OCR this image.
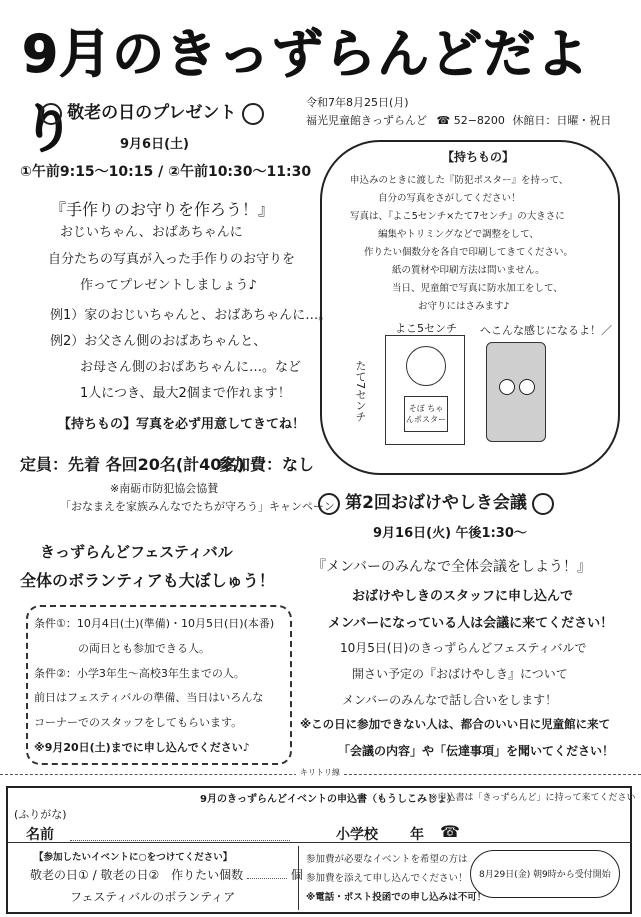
9月のきっずらんどだより	令和7年8月25日(月)
福光児童館きっずらんど ☎ 52−8200 休館日：日曜・祝日
敬老の日のプレゼント
9月6日(土)
①午前9:15〜10:15 / ②午前10:30〜11:30
『手作りのお守りを作ろう！』
おじいちゃん、おばあちゃんに
自分たちの写真が入った手作りのお守りを
作ってプレゼントしましょう♪
例1）家のおじいちゃんと、おばあちゃんに…。
例2）お父さん側のおばあちゃんと、
お母さん側のおばあちゃんに…。など
1人につき、最大2個まで作れます！
【持ちもの】写真を必ず用意してきてね！
定員：先着 各回20名(計40名)
参加費：なし
※南砺市防犯協会協賛
「おなまえを家族みんなでたちが守ろう」キャンペーン
【持ちもの】
申込みのときに渡した『防犯ポスター』を持って、
自分の写真をさがしてください！
写真は、『よこ5センチ×たて7センチ』の大きさに
編集やトリミングなどで調整をして、
作りたい個数分を各自で印刷してきてください。
紙の質材や印刷方法は問いません。
当日、児童館で写真に防水加工をして、
お守りにはさみます♪
よこ5センチ
そぼ ちゃんポスター
たて7センチ
へこんな感じになるよ！／
きっずらんどフェスティバル
全体のボランティアも大ぼしゅう！
条件①：10月4日(土)(準備)・10月5日(日)(本番)
の両日とも参加できる人。
条件②：小学3年生〜高校3年生までの人。
前日はフェスティバルの準備、当日はいろんな
コーナーでのスタッフをしてもらいます。
※9月20日(土)までに申し込んでください♪
第2回おばけやしき会議
9月16日(火) 午後1:30〜
『メンバーのみんなで全体会議をしよう！』
おばけやしきのスタッフに申し込んで
メンバーになっている人は会議に来てください！
10月5日(日)のきっずらんどフェスティバルで
開さい予定の『おばけやしき』について
メンバーのみんなで話し合いをします！
※この日に参加できない人は、都合のいい日に児童館に来て
「会議の内容」や「伝達事項」を聞いてください！
キリトリ線
9月のきっずらんどイベントの申込書（もうしこみしょ）
※申込書は「きっずらんど」に持って来てください
(ふりがな)
名前	小学校 年 ☎
【参加したいイベントに○をつけてください】
敬老の日① / 敬老の日② 作りたい個数	個
フェスティバルのボランティア
参加費が必要なイベントを希望の方は
参加費を添えて申し込んでください！
※電話・ポスト投函での申し込みは不可！
8月29日(金) 朝9時から受付開始
